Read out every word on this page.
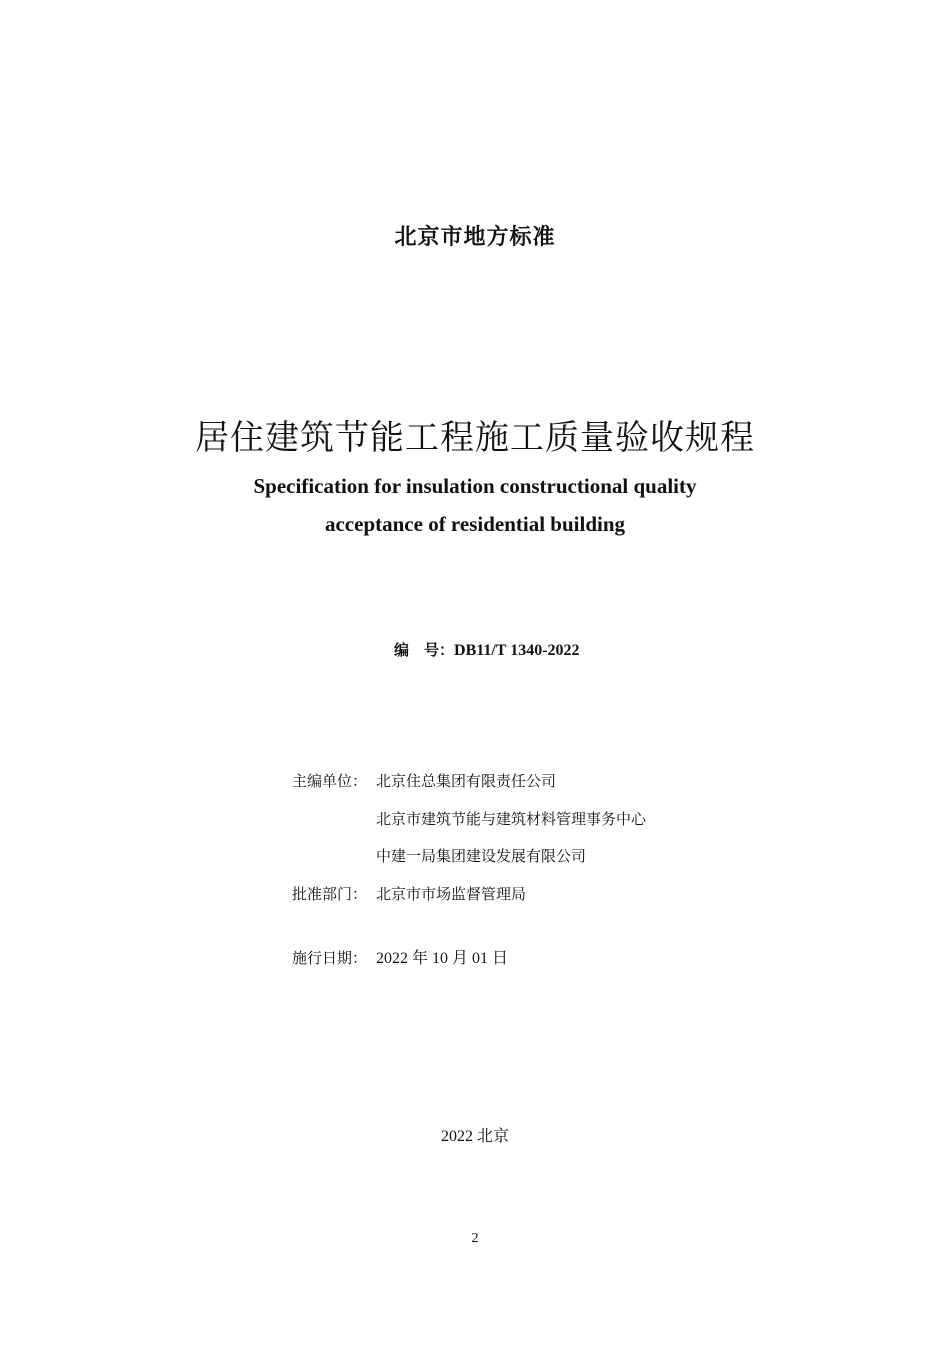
北京市地方标准
居住建筑节能工程施工质量验收规程
Specification for insulation constructional quality
acceptance of residential building
编　号：DB11/T 1340-2022
主编单位： 北京住总集团有限责任公司
北京市建筑节能与建筑材料管理事务中心
中建一局集团建设发展有限公司
批准部门： 北京市市场监督管理局
施行日期： 2022 年 10 月 01 日
2022 北京
2
